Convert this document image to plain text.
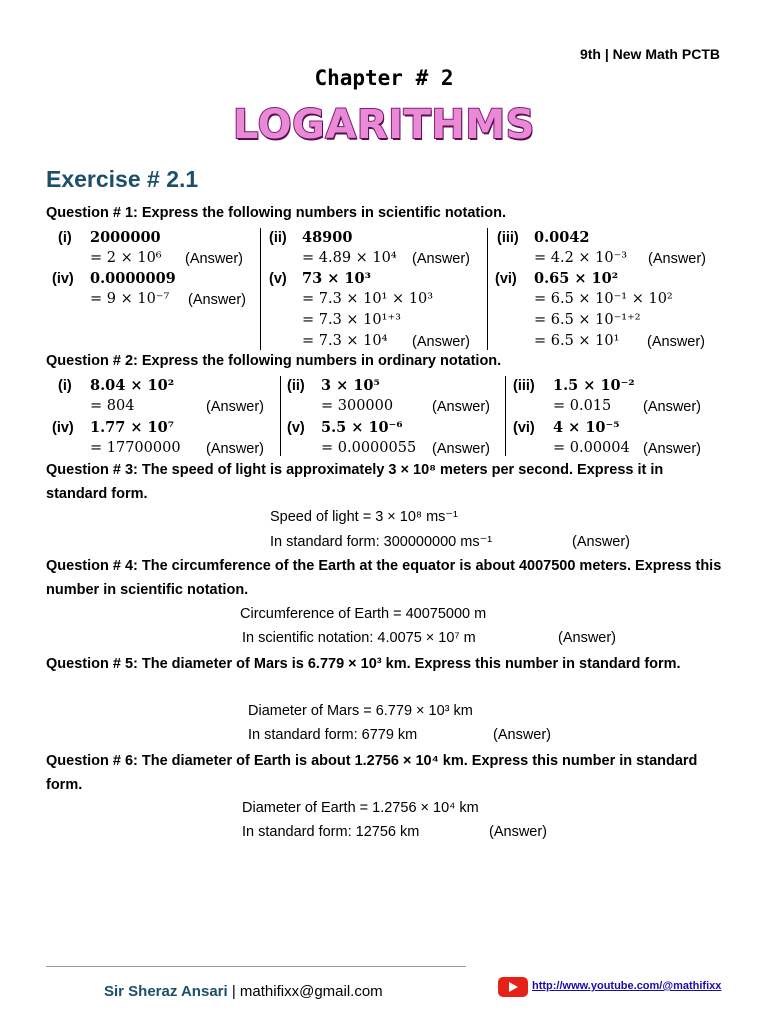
9th | New Math PCTB
Chapter # 2
LOGARITHMS
Exercise # 2.1
Question # 1: Express the following numbers in scientific notation.
(i) 2000000
= 2 × 10⁶ (Answer)
(ii) 48900
= 4.89 × 10⁴ (Answer)
(iii) 0.0042
= 4.2 × 10⁻³ (Answer)
(iv) 0.0000009
= 9 × 10⁻⁷ (Answer)
(v) 73 × 10³
= 7.3 × 10¹ × 10³
= 7.3 × 10¹⁺³
= 7.3 × 10⁴ (Answer)
(vi) 0.65 × 10²
= 6.5 × 10⁻¹ × 10²
= 6.5 × 10⁻¹⁺²
= 6.5 × 10¹ (Answer)
Question # 2: Express the following numbers in ordinary notation.
(i) 8.04 × 10²
= 804	(Answer)
(ii) 3 × 10⁵
= 300000	(Answer)
(iii) 1.5 × 10⁻²
= 0.015 (Answer)
(iv) 1.77 × 10⁷
= 17700000 (Answer)
(v) 5.5 × 10⁻⁶
= 0.0000055 (Answer)
(vi) 4 × 10⁻⁵
= 0.00004 (Answer)
Question # 3: The speed of light is approximately 3 × 10⁸ meters per second. Express it in standard form.
Speed of light = 3 × 10⁸ ms⁻¹
In standard form: 300000000 ms⁻¹	(Answer)
Question # 4: The circumference of the Earth at the equator is about 4007500 meters. Express this number in scientific notation.
Circumference of Earth = 40075000 m
In scientific notation: 4.0075 × 10⁷ m	(Answer)
Question # 5: The diameter of Mars is 6.779 × 10³ km. Express this number in standard form.
Diameter of Mars = 6.779 × 10³ km
In standard form: 6779 km	(Answer)
Question # 6: The diameter of Earth is about 1.2756 × 10⁴ km. Express this number in standard form.
Diameter of Earth = 1.2756 × 10⁴ km
In standard form: 12756 km	(Answer)
Sir Sheraz Ansari | mathifixx@gmail.com	http://www.youtube.com/@mathifixx
